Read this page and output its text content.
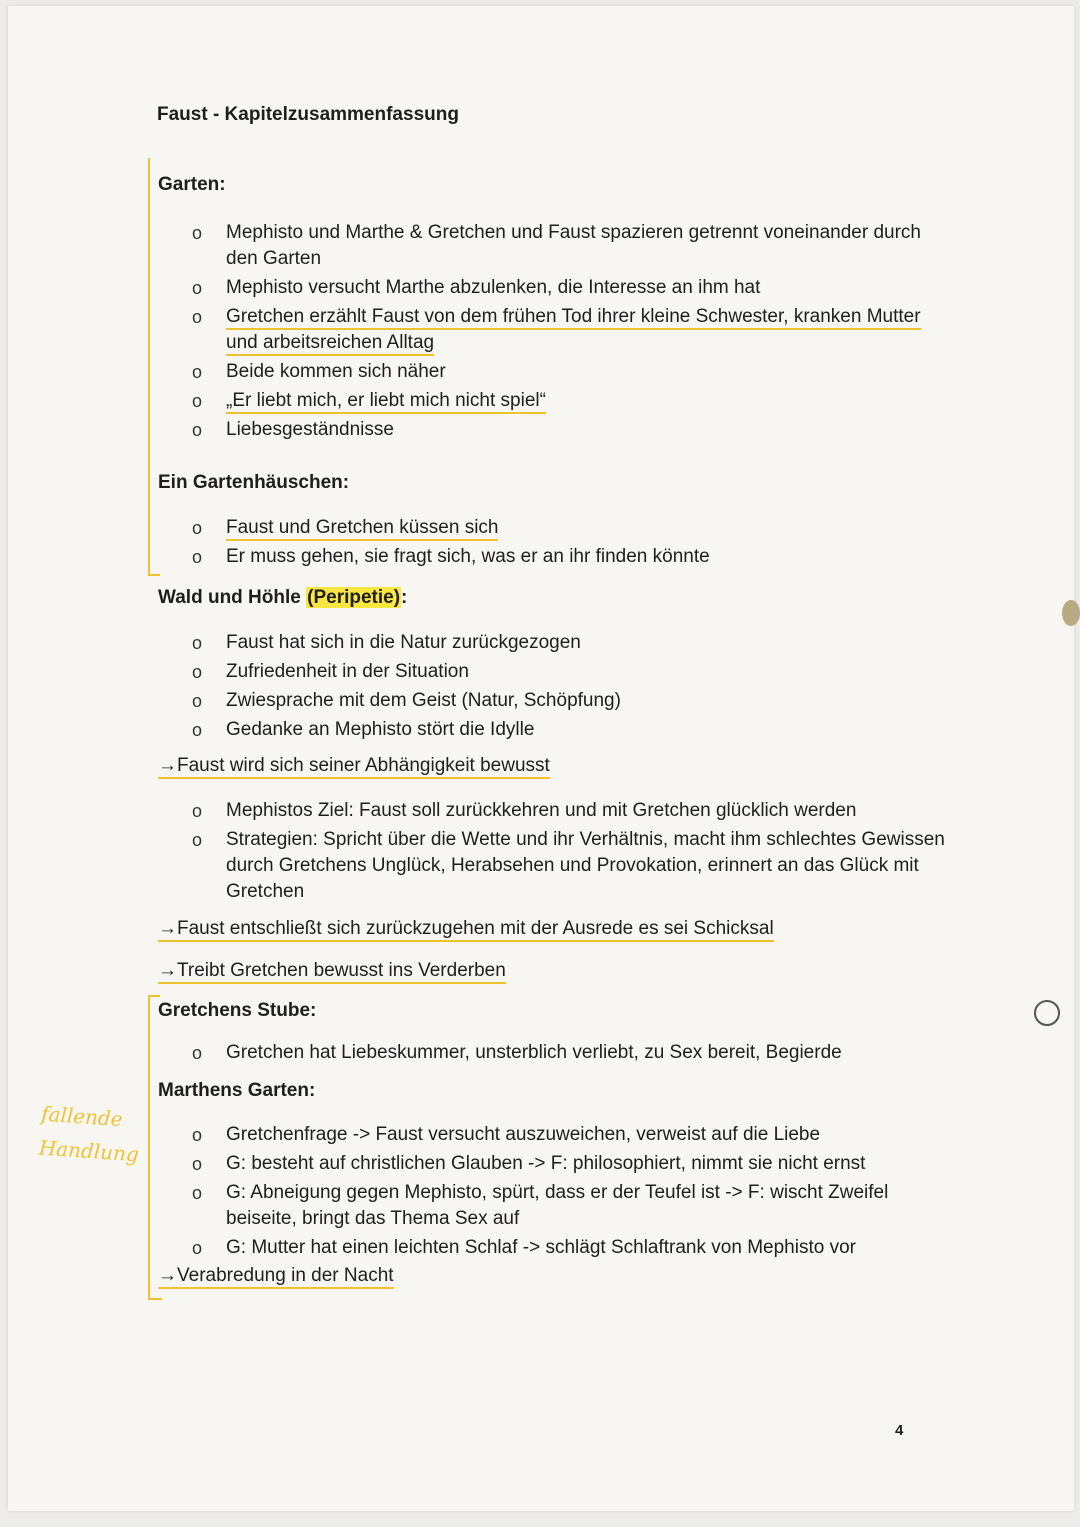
Faust - Kapitelzusammenfassung
Garten:
o Mephisto und Marthe & Gretchen und Faust spazieren getrennt voneinander durch den Garten
o Mephisto versucht Marthe abzulenken, die Interesse an ihm hat
o Gretchen erzählt Faust von dem frühen Tod ihrer kleine Schwester, kranken Mutter und arbeitsreichen Alltag
o Beide kommen sich näher
o „Er liebt mich, er liebt mich nicht spiel“
o Liebesgeständnisse
Ein Gartenhäuschen:
o Faust und Gretchen küssen sich
o Er muss gehen, sie fragt sich, was er an ihr finden könnte
Wald und Höhle (Peripetie):
o Faust hat sich in die Natur zurückgezogen
o Zufriedenheit in der Situation
o Zwiesprache mit dem Geist (Natur, Schöpfung)
o Gedanke an Mephisto stört die Idylle
→Faust wird sich seiner Abhängigkeit bewusst
o Mephistos Ziel: Faust soll zurückkehren und mit Gretchen glücklich werden
o Strategien: Spricht über die Wette und ihr Verhältnis, macht ihm schlechtes Gewissen durch Gretchens Unglück, Herabsehen und Provokation, erinnert an das Glück mit Gretchen
→Faust entschließt sich zurückzugehen mit der Ausrede es sei Schicksal
→Treibt Gretchen bewusst ins Verderben
Gretchens Stube:
o Gretchen hat Liebeskummer, unsterblich verliebt, zu Sex bereit, Begierde
Marthens Garten:
o Gretchenfrage -> Faust versucht auszuweichen, verweist auf die Liebe
o G: besteht auf christlichen Glauben -> F: philosophiert, nimmt sie nicht ernst
o G: Abneigung gegen Mephisto, spürt, dass er der Teufel ist -> F: wischt Zweifel beiseite, bringt das Thema Sex auf
o G: Mutter hat einen leichten Schlaf -> schlägt Schlaftrank von Mephisto vor
→Verabredung in der Nacht
fallende
Handlung
4
